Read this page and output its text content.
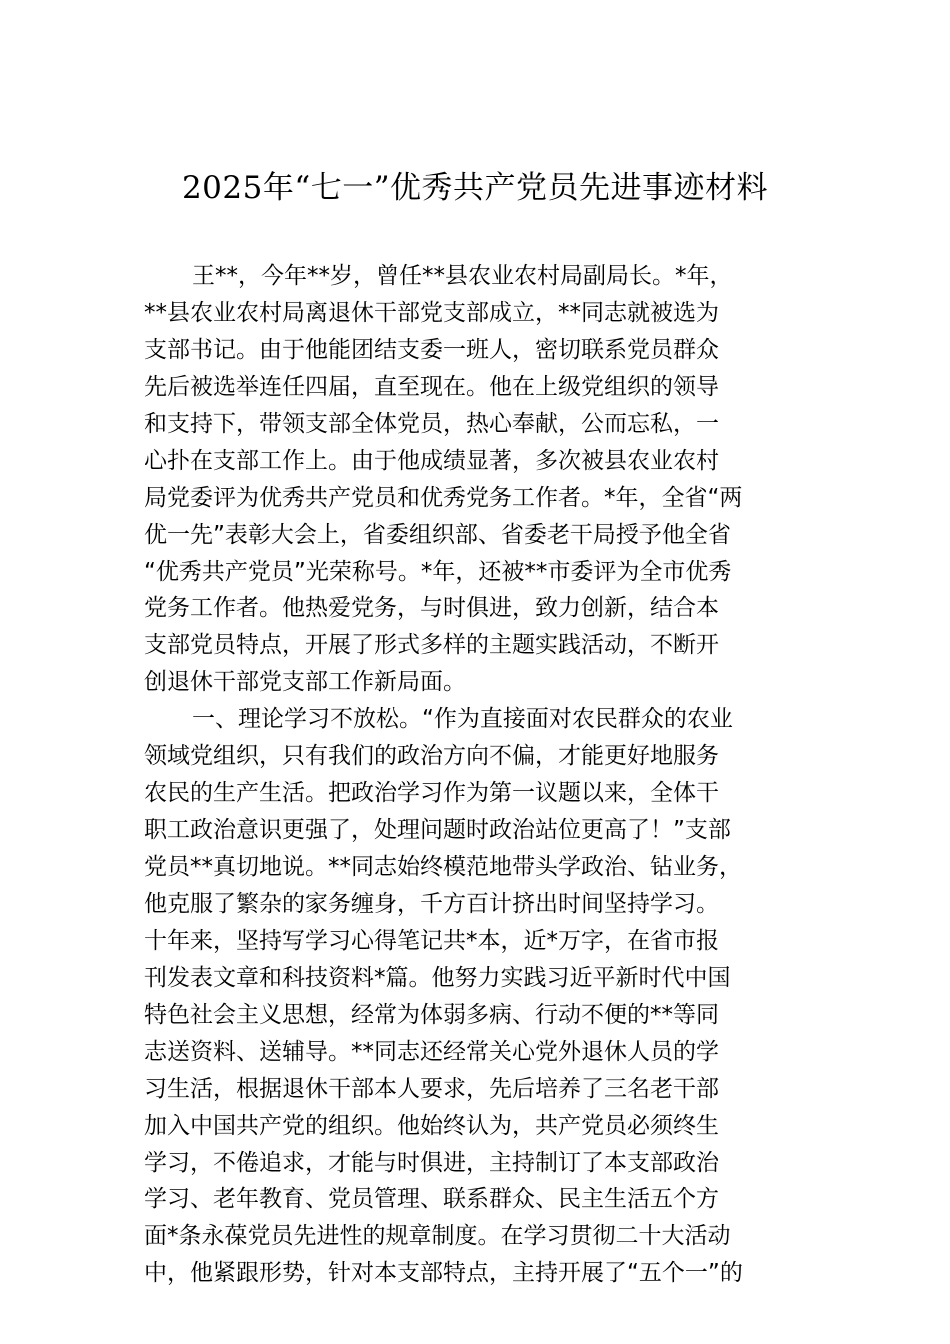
2025年“七一”优秀共产党员先进事迹材料
王**，今年**岁，曾任**县农业农村局副局长。*年，
**县农业农村局离退休干部党支部成立，**同志就被选为
支部书记。由于他能团结支委一班人，密切联系党员群众
先后被选举连任四届，直至现在。他在上级党组织的领导
和支持下，带领支部全体党员，热心奉献，公而忘私，一
心扑在支部工作上。由于他成绩显著，多次被县农业农村
局党委评为优秀共产党员和优秀党务工作者。*年，全省“两
优一先”表彰大会上，省委组织部、省委老干局授予他全省
“优秀共产党员”光荣称号。*年，还被**市委评为全市优秀
党务工作者。他热爱党务，与时俱进，致力创新，结合本
支部党员特点，开展了形式多样的主题实践活动，不断开
创退休干部党支部工作新局面。
一、理论学习不放松。“作为直接面对农民群众的农业
领域党组织，只有我们的政治方向不偏，才能更好地服务
农民的生产生活。把政治学习作为第一议题以来，全体干
职工政治意识更强了，处理问题时政治站位更高了！”支部
党员**真切地说。**同志始终模范地带头学政治、钻业务，
他克服了繁杂的家务缠身，千方百计挤出时间坚持学习。
十年来，坚持写学习心得笔记共*本，近*万字，在省市报
刊发表文章和科技资料*篇。他努力实践习近平新时代中国
特色社会主义思想，经常为体弱多病、行动不便的**等同
志送资料、送辅导。**同志还经常关心党外退休人员的学
习生活，根据退休干部本人要求，先后培养了三名老干部
加入中国共产党的组织。他始终认为，共产党员必须终生
学习，不倦追求，才能与时俱进，主持制订了本支部政治
学习、老年教育、党员管理、联系群众、民主生活五个方
面*条永葆党员先进性的规章制度。在学习贯彻二十大活动
中，他紧跟形势，针对本支部特点，主持开展了“五个一”的
